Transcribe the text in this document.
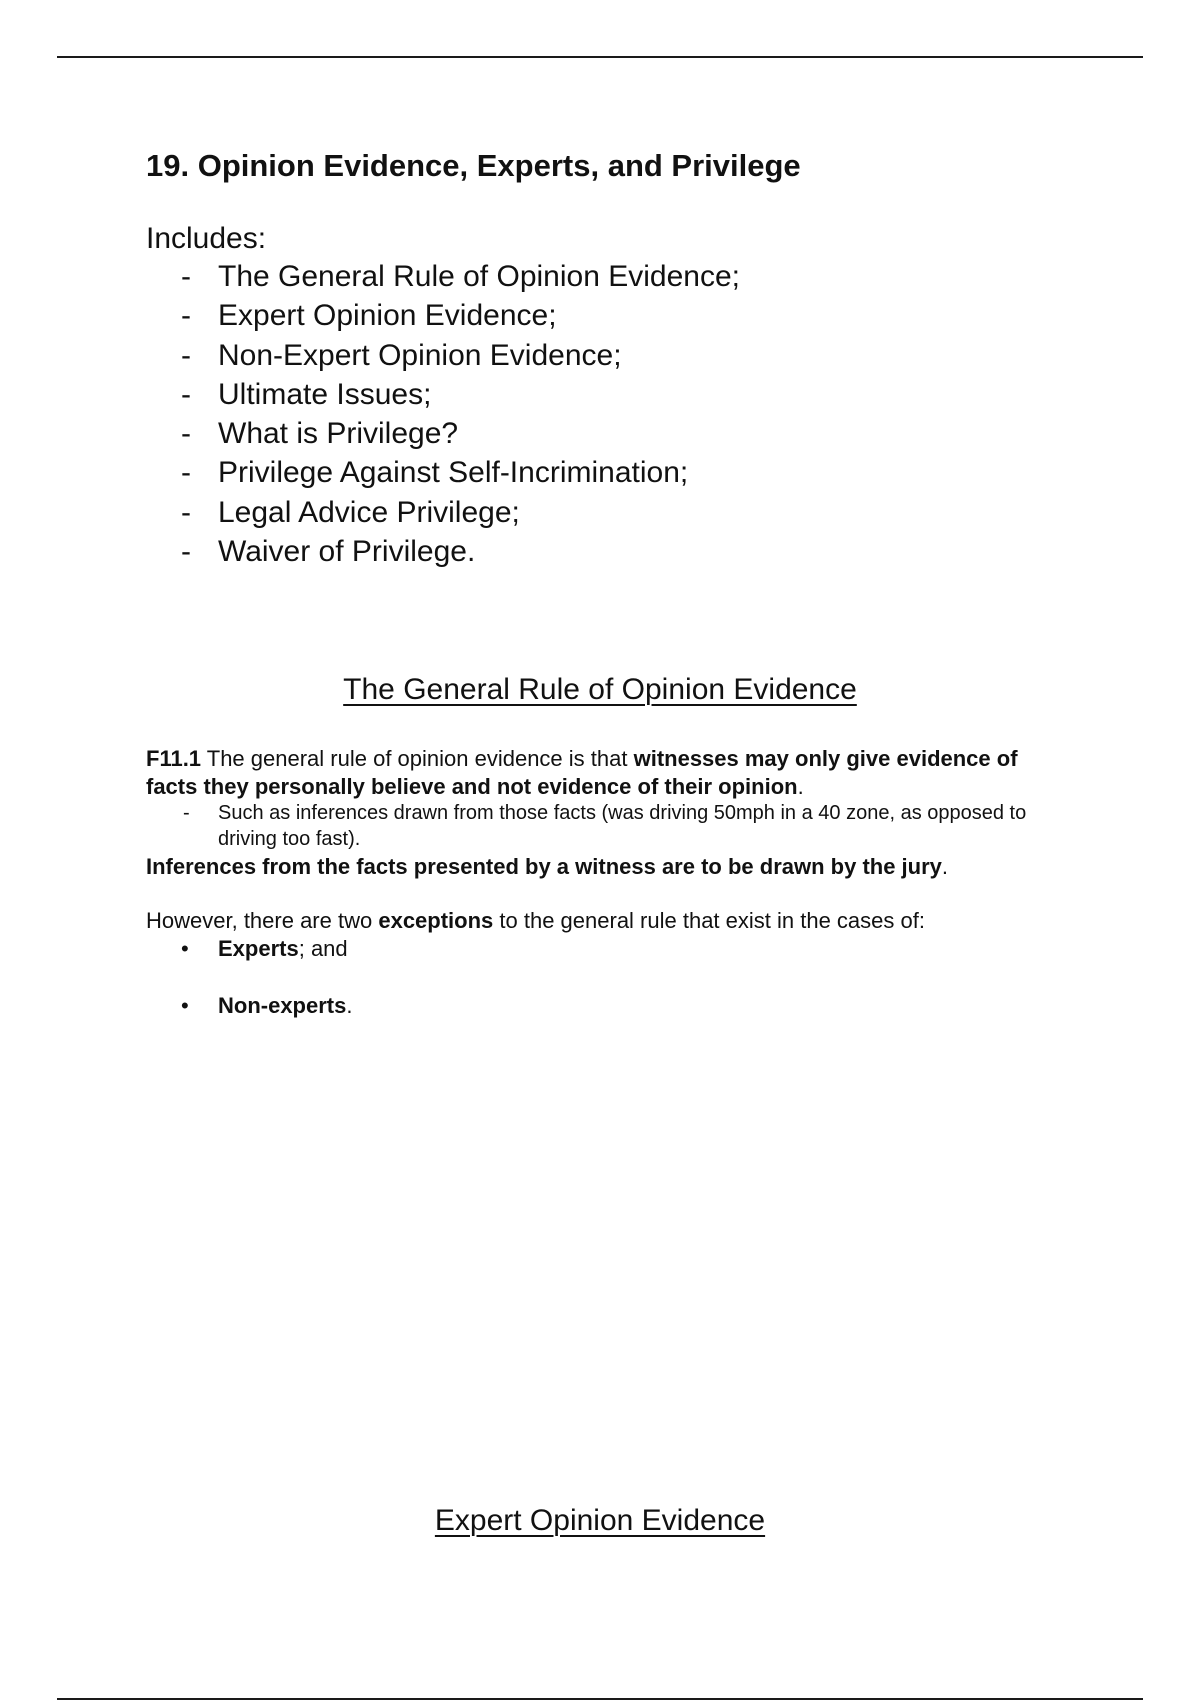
19. Opinion Evidence, Experts, and Privilege
Includes:
- The General Rule of Opinion Evidence;
- Expert Opinion Evidence;
- Non-Expert Opinion Evidence;
- Ultimate Issues;
- What is Privilege?
- Privilege Against Self-Incrimination;
- Legal Advice Privilege;
- Waiver of Privilege.
The General Rule of Opinion Evidence

F11.1 The general rule of opinion evidence is that witnesses may only give evidence of facts they personally believe and not evidence of their opinion.

- Such as inferences drawn from those facts (was driving 50mph in a 40 zone, as opposed to driving too fast).

Inferences from the facts presented by a witness are to be drawn by the jury.

However, there are two exceptions to the general rule that exist in the cases of:

• Experts; and
• Non-experts.
Expert Opinion Evidence
